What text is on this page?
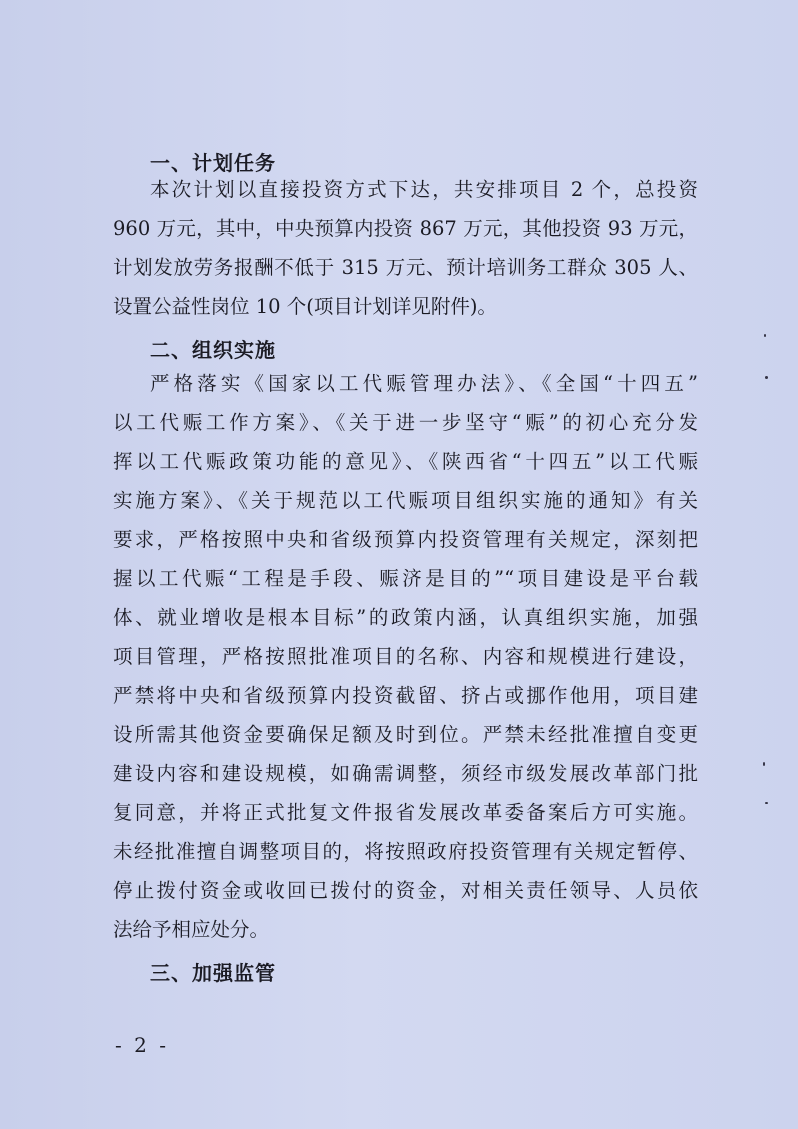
一、计划任务
本次计划以直接投资方式下达，共安排项目 2 个，总投资
960 万元，其中，中央预算内投资 867 万元，其他投资 93 万元，
计划发放劳务报酬不低于 315 万元、预计培训务工群众 305 人、
设置公益性岗位 10 个(项目计划详见附件)。
二、组织实施
严格落实《国家以工代赈管理办法》、《全国“十四五”
以工代赈工作方案》、《关于进一步坚守“赈”的初心充分发
挥以工代赈政策功能的意见》、《陕西省“十四五”以工代赈
实施方案》、《关于规范以工代赈项目组织实施的通知》有关
要求，严格按照中央和省级预算内投资管理有关规定，深刻把
握以工代赈“工程是手段、赈济是目的”“项目建设是平台载
体、就业增收是根本目标”的政策内涵，认真组织实施，加强
项目管理，严格按照批准项目的名称、内容和规模进行建设，
严禁将中央和省级预算内投资截留、挤占或挪作他用，项目建
设所需其他资金要确保足额及时到位。严禁未经批准擅自变更
建设内容和建设规模，如确需调整，须经市级发展改革部门批
复同意，并将正式批复文件报省发展改革委备案后方可实施。
未经批准擅自调整项目的，将按照政府投资管理有关规定暂停、
停止拨付资金或收回已拨付的资金，对相关责任领导、人员依
法给予相应处分。
三、加强监管
- 2 -
